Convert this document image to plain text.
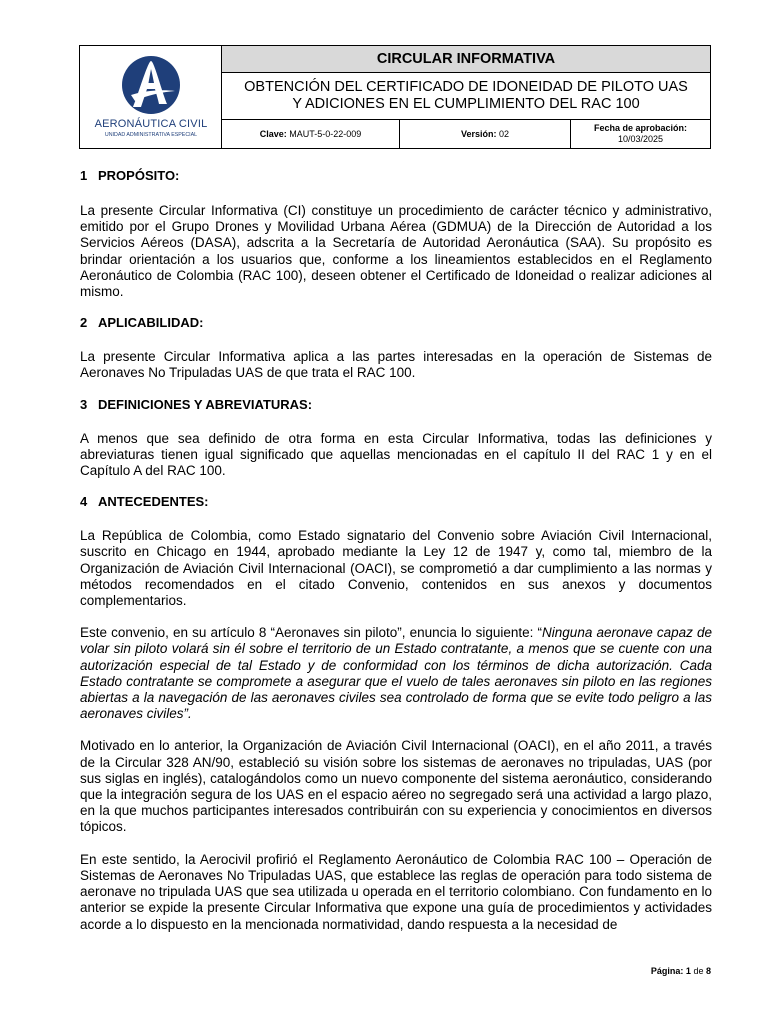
AERONÁUTICA CIVIL
UNIDAD ADMINISTRATIVA ESPECIAL
CIRCULAR INFORMATIVA
OBTENCIÓN DEL CERTIFICADO DE IDONEIDAD DE PILOTO UAS
Y ADICIONES EN EL CUMPLIMIENTO DEL RAC 100
Clave: MAUT-5-0-22-009	Versión: 02
Fecha de aprobación:
10/03/2025
1 PROPÓSITO:

La presente Circular Informativa (CI) constituye un procedimiento de carácter técnico y administrativo, emitido por el Grupo Drones y Movilidad Urbana Aérea (GDMUA) de la Dirección de Autoridad a los Servicios Aéreos (DASA), adscrita a la Secretaría de Autoridad Aeronáutica (SAA). Su propósito es brindar orientación a los usuarios que, conforme a los lineamientos establecidos en el Reglamento Aeronáutico de Colombia (RAC 100), deseen obtener el Certificado de Idoneidad o realizar adiciones al mismo.

2 APLICABILIDAD:

La presente Circular Informativa aplica a las partes interesadas en la operación de Sistemas de Aeronaves No Tripuladas UAS de que trata el RAC 100.

3 DEFINICIONES Y ABREVIATURAS:

A menos que sea definido de otra forma en esta Circular Informativa, todas las definiciones y abreviaturas tienen igual significado que aquellas mencionadas en el capítulo II del RAC 1 y en el Capítulo A del RAC 100.

4 ANTECEDENTES:

La República de Colombia, como Estado signatario del Convenio sobre Aviación Civil Internacional, suscrito en Chicago en 1944, aprobado mediante la Ley 12 de 1947 y, como tal, miembro de la Organización de Aviación Civil Internacional (OACI), se comprometió a dar cumplimiento a las normas y métodos recomendados en el citado Convenio, contenidos en sus anexos y documentos complementarios.

Este convenio, en su artículo 8 “Aeronaves sin piloto”, enuncia lo siguiente: “Ninguna aeronave capaz de volar sin piloto volará sin él sobre el territorio de un Estado contratante, a menos que se cuente con una autorización especial de tal Estado y de conformidad con los términos de dicha autorización. Cada Estado contratante se compromete a asegurar que el vuelo de tales aeronaves sin piloto en las regiones abiertas a la navegación de las aeronaves civiles sea controlado de forma que se evite todo peligro a las aeronaves civiles”.

Motivado en lo anterior, la Organización de Aviación Civil Internacional (OACI), en el año 2011, a través de la Circular 328 AN/90, estableció su visión sobre los sistemas de aeronaves no tripuladas, UAS (por sus siglas en inglés), catalogándolos como un nuevo componente del sistema aeronáutico, considerando que la integración segura de los UAS en el espacio aéreo no segregado será una actividad a largo plazo, en la que muchos participantes interesados contribuirán con su experiencia y conocimientos en diversos tópicos.

En este sentido, la Aerocivil profirió el Reglamento Aeronáutico de Colombia RAC 100 – Operación de Sistemas de Aeronaves No Tripuladas UAS, que establece las reglas de operación para todo sistema de aeronave no tripulada UAS que sea utilizada u operada en el territorio colombiano. Con fundamento en lo anterior se expide la presente Circular Informativa que expone una guía de procedimientos y actividades acorde a lo dispuesto en la mencionada normatividad, dando respuesta a la necesidad de

Página: 1 de 8
